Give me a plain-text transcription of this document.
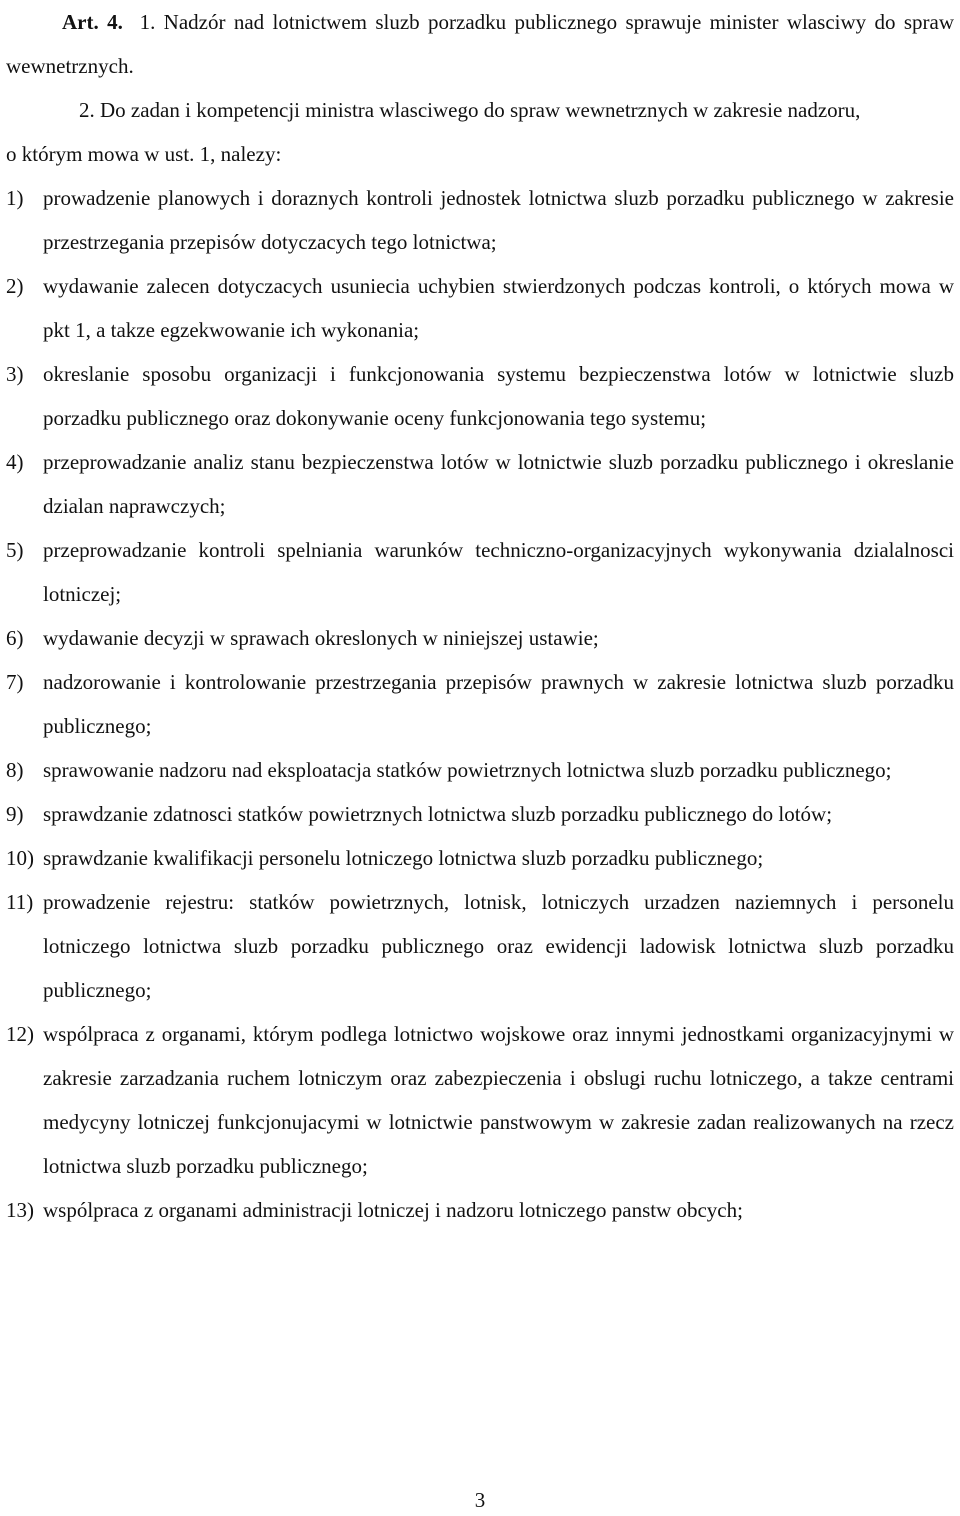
Art. 4. 1. Nadzór nad lotnictwem sluzb porzadku publicznego sprawuje minister wlasciwy do spraw wewnetrznych.

2. Do zadan i kompetencji ministra wlasciwego do spraw wewnetrznych w zakresie nadzoru,

o którym mowa w ust. 1, nalezy:

1) prowadzenie planowych i doraznych kontroli jednostek lotnictwa sluzb porzadku publicznego w zakresie przestrzegania przepisów dotyczacych tego lotnictwa;
2) wydawanie zalecen dotyczacych usuniecia uchybien stwierdzonych podczas kontroli, o których mowa w pkt 1, a takze egzekwowanie ich wykonania;
3) okreslanie sposobu organizacji i funkcjonowania systemu bezpieczenstwa lotów w lotnictwie sluzb porzadku publicznego oraz dokonywanie oceny funkcjonowania tego systemu;
4) przeprowadzanie analiz stanu bezpieczenstwa lotów w lotnictwie sluzb porzadku publicznego i okreslanie dzialan naprawczych;
5) przeprowadzanie kontroli spelniania warunków techniczno-organizacyjnych wykonywania dzialalnosci lotniczej;
6) wydawanie decyzji w sprawach okreslonych w niniejszej ustawie;
7) nadzorowanie i kontrolowanie przestrzegania przepisów prawnych w zakresie lotnictwa sluzb porzadku publicznego;
8) sprawowanie nadzoru nad eksploatacja statków powietrznych lotnictwa sluzb porzadku publicznego;
9) sprawdzanie zdatnosci statków powietrznych lotnictwa sluzb porzadku publicznego do lotów;
10) sprawdzanie kwalifikacji personelu lotniczego lotnictwa sluzb porzadku publicznego;
11) prowadzenie rejestru: statków powietrznych, lotnisk, lotniczych urzadzen naziemnych i personelu lotniczego lotnictwa sluzb porzadku publicznego oraz ewidencji ladowisk lotnictwa sluzb porzadku publicznego;
12) wspólpraca z organami, którym podlega lotnictwo wojskowe oraz innymi jednostkami organizacyjnymi w zakresie zarzadzania ruchem lotniczym oraz zabezpieczenia i obslugi ruchu lotniczego, a takze centrami medycyny lotniczej funkcjonujacymi w lotnictwie panstwowym w zakresie zadan realizowanych na rzecz lotnictwa sluzb porzadku publicznego;
13) wspólpraca z organami administracji lotniczej i nadzoru lotniczego panstw obcych;
3
